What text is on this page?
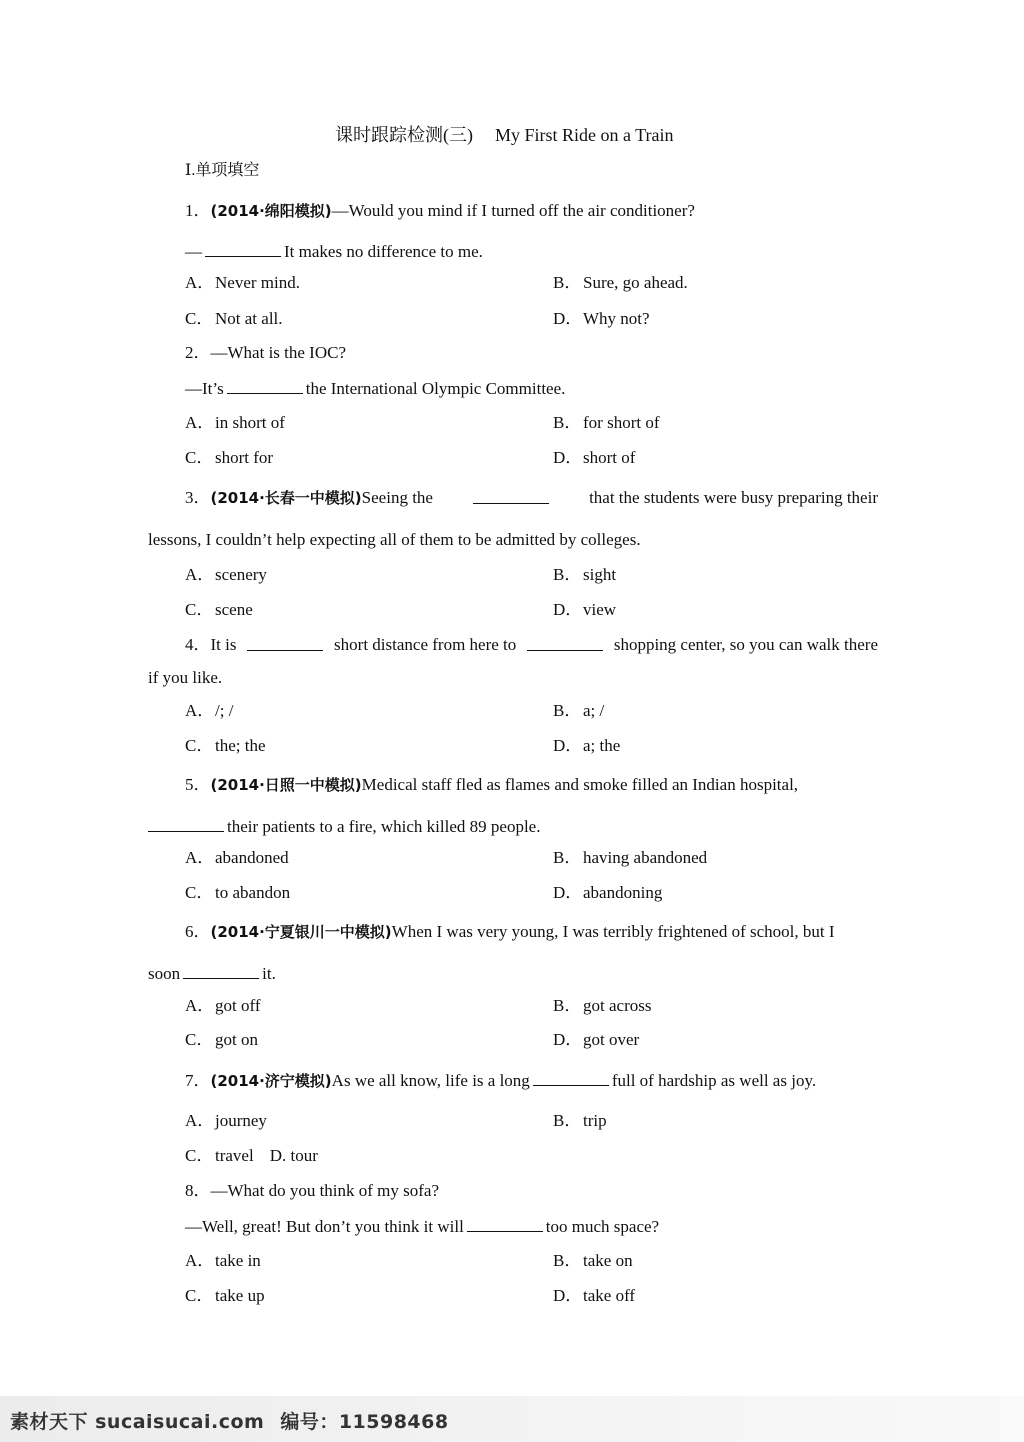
课时跟踪检测(三) My First Ride on a Train
Ⅰ.单项填空
1．(2014·绵阳模拟)—Would you mind if I turned off the air conditioner?
—	It makes no difference to me.
A．Never mind.	B．Sure, go ahead.
C．Not at all.	D．Why not?
2．—What is the IOC?
—It’s	the International Olympic Committee.
A．in short of	B．for short of
C．short for	D．short of
3．(2014·长春一中模拟)Seeing the	that the students were busy preparing their
lessons, I couldn’t help expecting all of them to be admitted by colleges.
A．scenery	B．sight
C．scene	D．view
4．It is	short distance from here to	shopping center, so you can walk there
if you like.
A．/; /	B．a; /
C．the; the	D．a; the
5．(2014·日照一中模拟)Medical staff fled as flames and smoke filled an Indian hospital,
their patients to a fire, which killed 89 people.
A．abandoned	B．having abandoned
C．to abandon	D．abandoning
6．(2014·宁夏银川一中模拟)When I was very young, I was terribly frightened of school, but I
soon	it.
A．got off	B．got across
C．got on	D．got over
7．(2014·济宁模拟)As we all know, life is a long	full of hardship as well as joy.
A．journey	B．trip
C．travel D. tour
8．—What do you think of my sofa?
—Well, great! But don’t you think it will	too much space?
A．take in	B．take on
C．take up	D．take off
素材天下 sucaisucai.com 编号：11598468
